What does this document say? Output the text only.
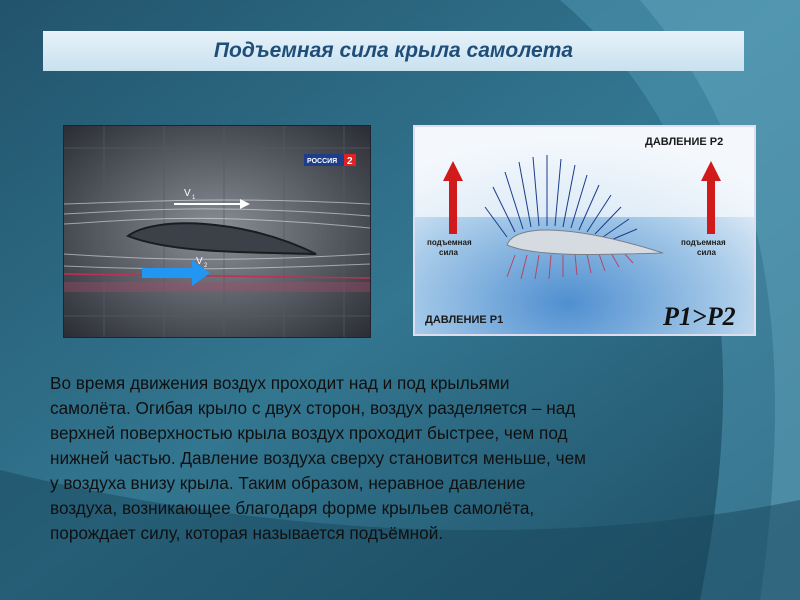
Подъемная сила крыла самолета
РОССИЯ 2
V 1
V 2
ДАВЛЕНИЕ Р2
подъемная
сила
подъемная
сила
ДАВЛЕНИЕ Р1	P1>P2
Во время движения воздух проходит над и под крыльями
самолёта. Огибая крыло с двух сторон, воздух разделяется – над
верхней поверхностью крыла воздух проходит быстрее, чем под
нижней частью. Давление воздуха сверху становится меньше, чем
у воздуха внизу крыла. Таким образом, неравное давление
воздуха, возникающее благодаря форме крыльев самолёта,
порождает силу, которая называется подъёмной.
